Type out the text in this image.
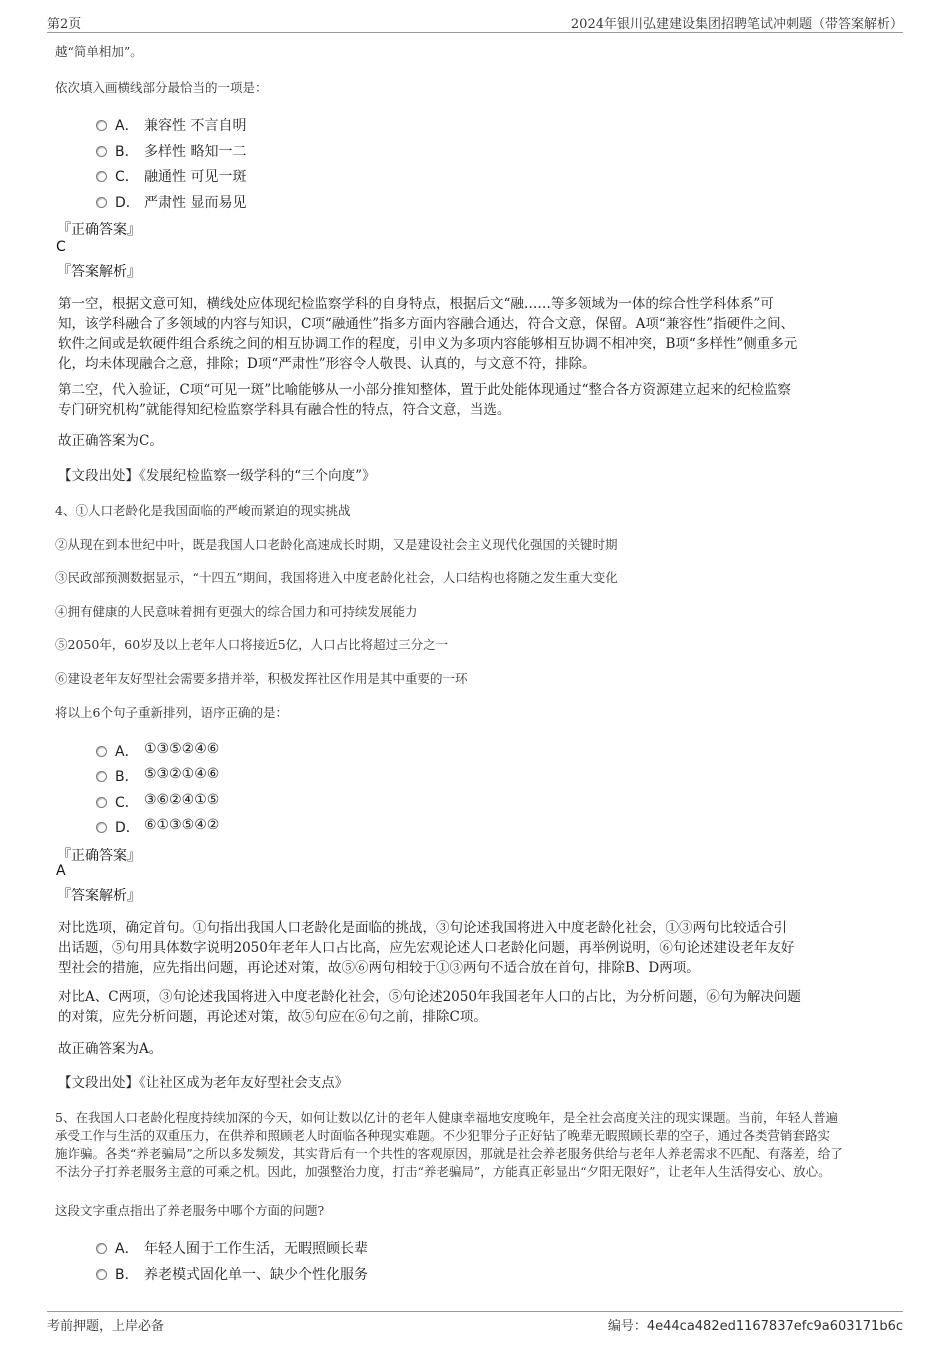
第2页	2024年银川弘建建设集团招聘笔试冲刺题（带答案解析）
越“简单相加”。
依次填入画横线部分最恰当的一项是：
A． 兼容性 不言自明
B． 多样性 略知一二
C． 融通性 可见一斑
D． 严肃性 显而易见
『正确答案』
C
『答案解析』
第一空，根据文意可知，横线处应体现纪检监察学科的自身特点，根据后文“融……等多领域为一体的综合性学科体系”可
知，该学科融合了多领域的内容与知识，C项“融通性”指多方面内容融合通达，符合文意，保留。A项“兼容性”指硬件之间、
软件之间或是软硬件组合系统之间的相互协调工作的程度，引申义为多项内容能够相互协调不相冲突，B项“多样性”侧重多元
化，均未体现融合之意，排除；D项“严肃性”形容令人敬畏、认真的，与文意不符，排除。
第二空，代入验证，C项“可见一斑”比喻能够从一小部分推知整体，置于此处能体现通过“整合各方资源建立起来的纪检监察
专门研究机构”就能得知纪检监察学科具有融合性的特点，符合文意，当选。
故正确答案为C。
【文段出处】《发展纪检监察一级学科的“三个向度”》
4、①人口老龄化是我国面临的严峻而紧迫的现实挑战
②从现在到本世纪中叶，既是我国人口老龄化高速成长时期，又是建设社会主义现代化强国的关键时期
③民政部预测数据显示，“十四五”期间，我国将进入中度老龄化社会，人口结构也将随之发生重大变化
④拥有健康的人民意味着拥有更强大的综合国力和可持续发展能力
⑤2050年，60岁及以上老年人口将接近5亿，人口占比将超过三分之一
⑥建设老年友好型社会需要多措并举，积极发挥社区作用是其中重要的一环
将以上6个句子重新排列，语序正确的是：
A． ①③⑤②④⑥
B． ⑤③②①④⑥
C． ③⑥②④①⑤
D． ⑥①③⑤④②
『正确答案』
A
『答案解析』
对比选项，确定首句。①句指出我国人口老龄化是面临的挑战，③句论述我国将进入中度老龄化社会，①③两句比较适合引
出话题，⑤句用具体数字说明2050年老年人口占比高，应先宏观论述人口老龄化问题，再举例说明，⑥句论述建设老年友好
型社会的措施，应先指出问题，再论述对策，故⑤⑥两句相较于①③两句不适合放在首句，排除B、D两项。
对比A、C两项，③句论述我国将进入中度老龄化社会，⑤句论述2050年我国老年人口的占比，为分析问题，⑥句为解决问题
的对策，应先分析问题，再论述对策，故⑤句应在⑥句之前，排除C项。
故正确答案为A。
【文段出处】《让社区成为老年友好型社会支点》
5、在我国人口老龄化程度持续加深的今天，如何让数以亿计的老年人健康幸福地安度晚年，是全社会高度关注的现实课题。当前，年轻人普遍
承受工作与生活的双重压力，在供养和照顾老人时面临各种现实难题。不少犯罪分子正好钻了晚辈无暇照顾长辈的空子，通过各类营销套路实
施诈骗。各类“养老骗局”之所以多发频发，其实背后有一个共性的客观原因，那就是社会养老服务供给与老年人养老需求不匹配、有落差，给了
不法分子打养老服务主意的可乘之机。因此，加强整治力度，打击“养老骗局”，方能真正彰显出“夕阳无限好”，让老年人生活得安心、放心。
这段文字重点指出了养老服务中哪个方面的问题?
A． 年轻人囿于工作生活，无暇照顾长辈
B． 养老模式固化单一、缺少个性化服务
考前押题，上岸必备	编号：4e44ca482ed1167837efc9a603171b6c
